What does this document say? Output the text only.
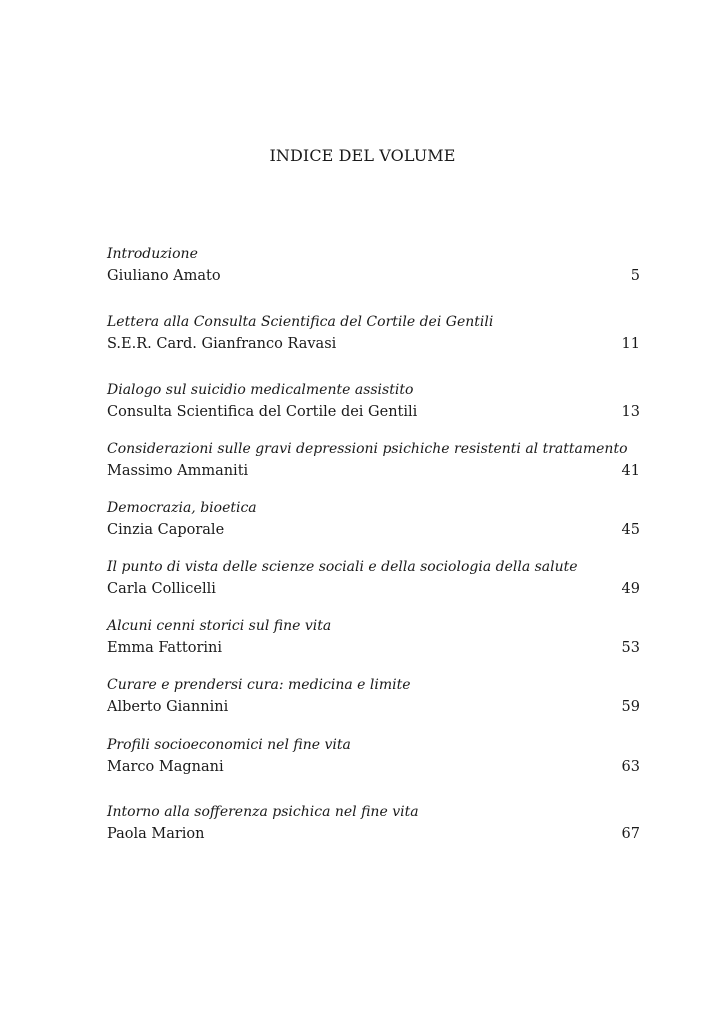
INDICE DEL VOLUME
Introduzione
Giuliano Amato	5
Lettera alla Consulta Scientifica del Cortile dei Gentili
S.E.R. Card. Gianfranco Ravasi	11
Dialogo sul suicidio medicalmente assistito
Consulta Scientifica del Cortile dei Gentili	13
Considerazioni sulle gravi depressioni psichiche resistenti al trattamento
Massimo Ammaniti	41
Democrazia, bioetica
Cinzia Caporale	45
Il punto di vista delle scienze sociali e della sociologia della salute
Carla Collicelli	49
Alcuni cenni storici sul fine vita
Emma Fattorini	53
Curare e prendersi cura: medicina e limite
Alberto Giannini	59
Profili socioeconomici nel fine vita
Marco Magnani	63
Intorno alla sofferenza psichica nel fine vita
Paola Marion	67
